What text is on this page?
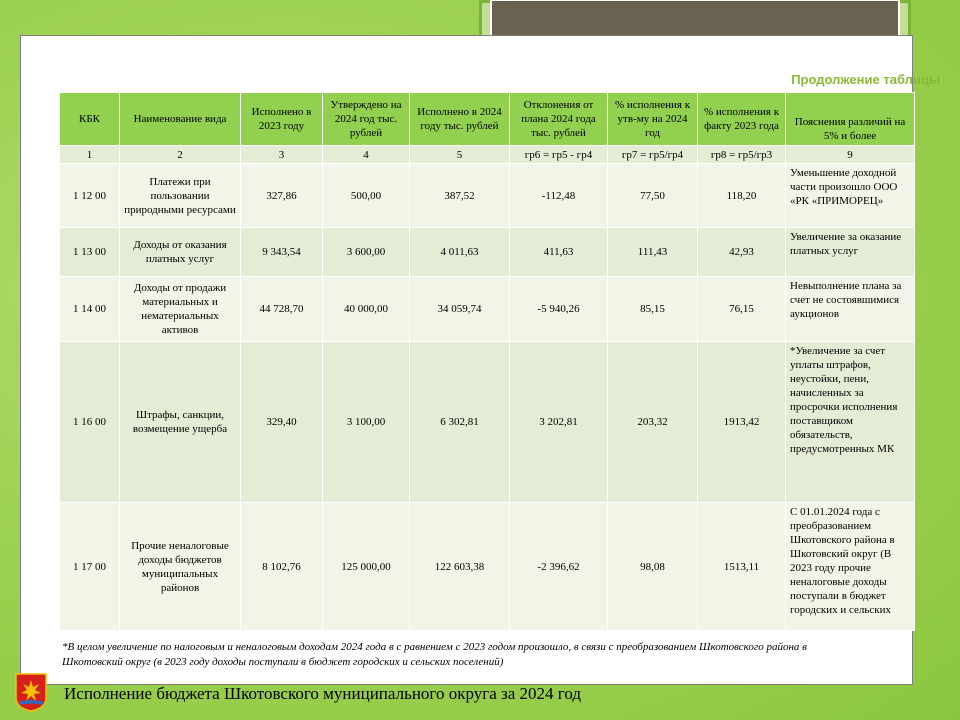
Продолжение таблицы
КБК	Наименование вида	Исполнено в 2023 году	Утверждено на 2024 год тыс. рублей	Исполнено в 2024 году тыс. рублей	Отклонения от плана 2024 года тыс. рублей	% исполнения к утв-му на 2024 год	% исполнения к факту 2023 года	Пояснения различий на 5% и более
1	2	3	4	5	гр6 = гр5 - гр4	гр7 = гр5/гр4	гр8 = гр5/гр3	9
1 12 00	Платежи при пользовании природными ресурсами	327,86	500,00	387,52	-112,48	77,50	118,20	Уменьшение доходной части произошло ООО «РК «ПРИМОРЕЦ»
1 13 00	Доходы от оказания платных услуг	9 343,54	3 600,00	4 011,63	411,63	111,43	42,93	Увеличение за оказание платных услуг
1 14 00	Доходы от продажи материальных и нематериальных активов	44 728,70	40 000,00	34 059,74	-5 940,26	85,15	76,15	Невыполнение плана за счет не состоявшимися аукционов
1 16 00	Штрафы, санкции, возмещение ущерба	329,40	3 100,00	6 302,81	3 202,81	203,32	1913,42	*Увеличение за счет уплаты штрафов, неустойки, пени, начисленных за просрочки исполнения поставщиком обязательств, предусмотренных МК
1 17 00	Прочие неналоговые доходы бюджетов муниципальных районов	8 102,76	125 000,00	122 603,38	-2 396,62	98,08	1513,11	С 01.01.2024 года с преобразованием Шкотовского района в Шкотовский округ (В 2023 году прочие неналоговые доходы поступали в бюджет городских и сельских
*В целом увеличение по налоговым и неналоговым доходам 2024 года в с равнением с 2023 годом произошло, в связи с преобразованием Шкотовского района в Шкотовский округ (в 2023 году доходы поступали в бюджет городских и сельских поселений)
Исполнение бюджета Шкотовского муниципального округа за 2024 год
